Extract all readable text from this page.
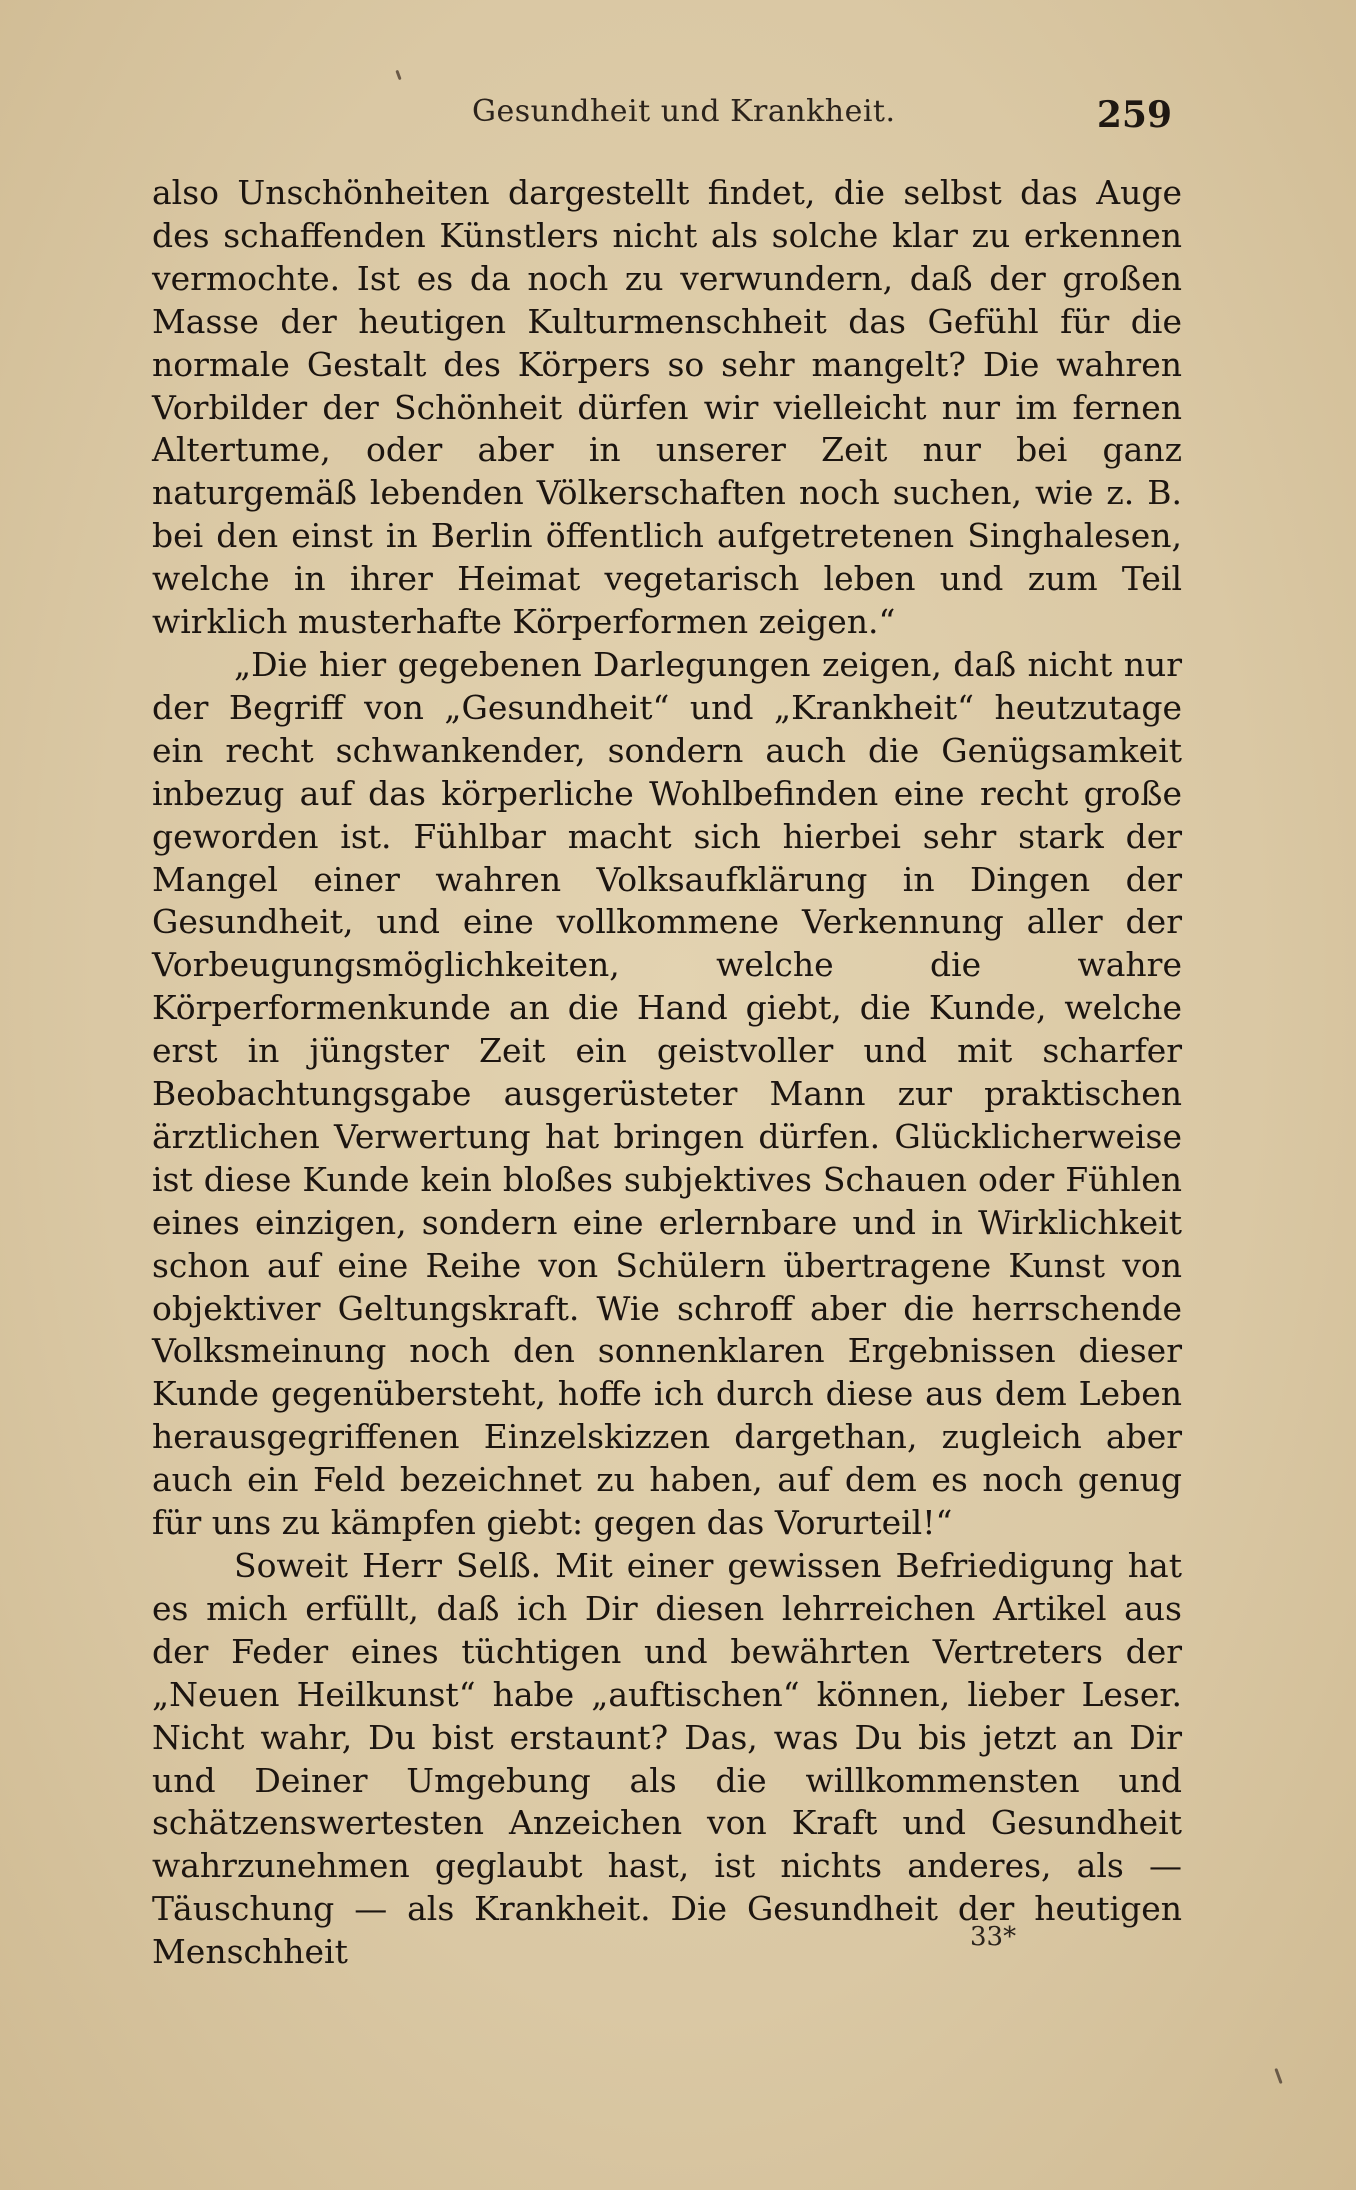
Gesundheit und Krankheit.	259

also Unschönheiten dargestellt findet, die selbst das Auge des schaffenden Künstlers nicht als solche klar zu erkennen vermochte. Ist es da noch zu verwundern, daß der großen Masse der heutigen Kulturmenschheit das Gefühl für die normale Gestalt des Körpers so sehr mangelt? Die wahren Vorbilder der Schönheit dürfen wir vielleicht nur im fernen Altertume, oder aber in unserer Zeit nur bei ganz naturgemäß lebenden Völkerschaften noch suchen, wie z. B. bei den einst in Berlin öffentlich aufgetretenen Singhalesen, welche in ihrer Heimat vegetarisch leben und zum Teil wirklich musterhafte Körperformen zeigen.“

„Die hier gegebenen Darlegungen zeigen, daß nicht nur der Begriff von „Gesundheit“ und „Krankheit“ heutzutage ein recht schwankender, sondern auch die Genügsamkeit inbezug auf das körperliche Wohlbefinden eine recht große geworden ist. Fühlbar macht sich hierbei sehr stark der Mangel einer wahren Volksaufklärung in Dingen der Gesundheit, und eine vollkommene Verkennung aller der Vorbeugungsmöglichkeiten, welche die wahre Körperformenkunde an die Hand giebt, die Kunde, welche erst in jüngster Zeit ein geistvoller und mit scharfer Beobachtungsgabe ausgerüsteter Mann zur praktischen ärztlichen Verwertung hat bringen dürfen. Glücklicherweise ist diese Kunde kein bloßes subjektives Schauen oder Fühlen eines einzigen, sondern eine erlernbare und in Wirklichkeit schon auf eine Reihe von Schülern übertragene Kunst von objektiver Geltungskraft. Wie schroff aber die herrschende Volksmeinung noch den sonnenklaren Ergebnissen dieser Kunde gegenübersteht, hoffe ich durch diese aus dem Leben herausgegriffenen Einzelskizzen dargethan, zugleich aber auch ein Feld bezeichnet zu haben, auf dem es noch genug für uns zu kämpfen giebt: gegen das Vorurteil!“

Soweit Herr Selß. Mit einer gewissen Befriedigung hat es mich erfüllt, daß ich Dir diesen lehrreichen Artikel aus der Feder eines tüchtigen und bewährten Vertreters der „Neuen Heilkunst“ habe „auftischen“ können, lieber Leser. Nicht wahr, Du bist erstaunt? Das, was Du bis jetzt an Dir und Deiner Umgebung als die willkommensten und schätzenswertesten Anzeichen von Kraft und Gesundheit wahrzunehmen geglaubt hast, ist nichts anderes, als — Täuschung — als Krankheit. Die Gesundheit der heutigen Menschheit	33*
